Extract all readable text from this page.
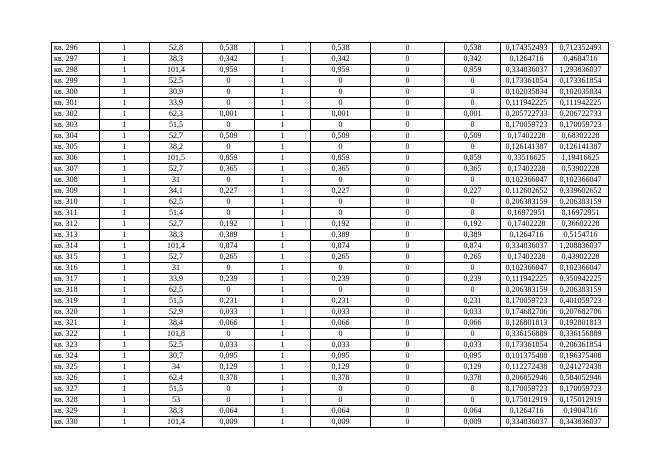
кв. 296	1	52,8	0,538	1	0,538	0	0,538	0,174352493	0,712352493
кв. 297	1	38,3	0,342	1	0,342	0	0,342	0,1264716	0,4684716
кв. 298	1	101,4	0,959	1	0,959	0	0,959	0,334836037	1,293836037
кв. 299	1	52,5	0	1	0	0	0	0,173361854	0,173361854
кв. 300	1	30,9	0	1	0	0	0	0,102035834	0,102035834
кв. 301	1	33,9	0	1	0	0	0	0,111942225	0,111942225
кв. 302	1	62,3	0,001	1	0,001	0	0,001	0,205722733	0,206722733
кв. 303	1	51,5	0	1	0	0	0	0,170059723	0,170059723
кв. 304	1	52,7	0,509	1	0,509	0	0,509	0,17402228	0,68302228
кв. 305	1	38,2	0	1	0	0	0	0,126141387	0,126141387
кв. 306	1	101,5	0,859	1	0,859	0	0,859	0,33516625	1,19416625
кв. 307	1	52,7	0,365	1	0,365	0	0,365	0,17402228	0,53902228
кв. 308	1	31	0	1	0	0	0	0,102366047	0,102366047
кв. 309	1	34,1	0,227	1	0,227	0	0,227	0,112602652	0,339602652
кв. 310	1	62,5	0	1	0	0	0	0,206383159	0,206383159
кв. 311	1	51,4	0	1	0	0	0	0,16972951	0,16972951
кв. 312	1	52,7	0,192	1	0,192	0	0,192	0,17402228	0,36602228
кв. 313	1	38,3	0,389	1	0,389	0	0,389	0,1264716	0,5154716
кв. 314	1	101,4	0,874	1	0,874	0	0,874	0,334836037	1,208836037
кв. 315	1	52,7	0,265	1	0,265	0	0,265	0,17402228	0,43902228
кв. 316	1	31	0	1	0	0	0	0,102366047	0,102366047
кв. 317	1	33,9	0,239	1	0,239	0	0,239	0,111942225	0,350942225
кв. 318	1	62,5	0	1	0	0	0	0,206383159	0,206383159
кв. 319	1	51,5	0,231	1	0,231	0	0,231	0,170059723	0,401059723
кв. 320	1	52,9	0,033	1	0,033	0	0,033	0,174682706	0,207682706
кв. 321	1	38,4	0,066	1	0,066	0	0,066	0,126801813	0,192801813
кв. 322	1	101,8	0	1	0	0	0	0,336156889	0,336156889
кв. 323	1	52,5	0,033	1	0,033	0	0,033	0,173361854	0,206361854
кв. 324	1	30,7	0,095	1	0,095	0	0,095	0,101375408	0,196375408
кв. 325	1	34	0,129	1	0,129	0	0,129	0,112272438	0,241272438
кв. 326	1	62,4	0,378	1	0,378	0	0,378	0,206052946	0,584052946
кв. 327	1	51,5	0	1	0	0	0	0,170059723	0,170059723
кв. 328	1	53	0	1	0	0	0	0,175012919	0,175012919
кв. 329	1	38,3	0,064	1	0,064	0	0,064	0,1264716	0,1904716
кв. 330	1	101,4	0,009	1	0,009	0	0,009	0,334836037	0,343836037
